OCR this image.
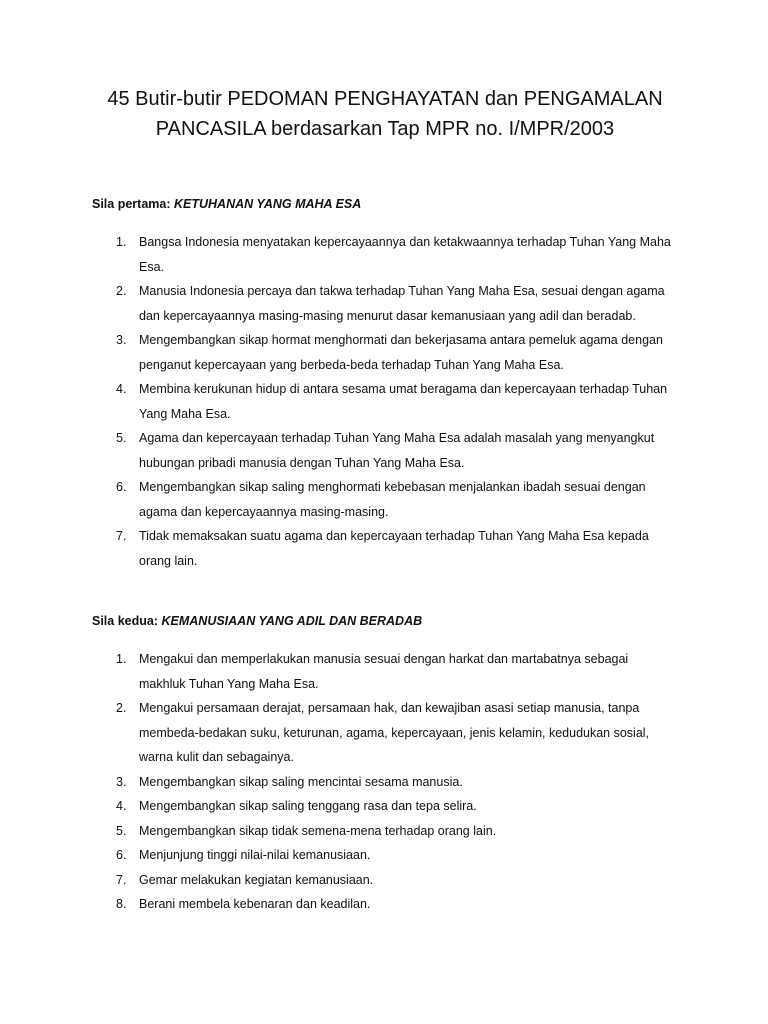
45 Butir-butir PEDOMAN PENGHAYATAN dan PENGAMALAN
PANCASILA berdasarkan Tap MPR no. I/MPR/2003

Sila pertama: KETUHANAN YANG MAHA ESA

1. Bangsa Indonesia menyatakan kepercayaannya dan ketakwaannya terhadap Tuhan Yang Maha Esa.
2. Manusia Indonesia percaya dan takwa terhadap Tuhan Yang Maha Esa, sesuai dengan agama dan kepercayaannya masing-masing menurut dasar kemanusiaan yang adil dan beradab.
3. Mengembangkan sikap hormat menghormati dan bekerjasama antara pemeluk agama dengan penganut kepercayaan yang berbeda-beda terhadap Tuhan Yang Maha Esa.
4. Membina kerukunan hidup di antara sesama umat beragama dan kepercayaan terhadap Tuhan Yang Maha Esa.
5. Agama dan kepercayaan terhadap Tuhan Yang Maha Esa adalah masalah yang menyangkut hubungan pribadi manusia dengan Tuhan Yang Maha Esa.
6. Mengembangkan sikap saling menghormati kebebasan menjalankan ibadah sesuai dengan agama dan kepercayaannya masing-masing.
7. Tidak memaksakan suatu agama dan kepercayaan terhadap Tuhan Yang Maha Esa kepada orang lain.

Sila kedua: KEMANUSIAAN YANG ADIL DAN BERADAB

1. Mengakui dan memperlakukan manusia sesuai dengan harkat dan martabatnya sebagai makhluk Tuhan Yang Maha Esa.
2. Mengakui persamaan derajat, persamaan hak, dan kewajiban asasi setiap manusia, tanpa membeda-bedakan suku, keturunan, agama, kepercayaan, jenis kelamin, kedudukan sosial, warna kulit dan sebagainya.
3. Mengembangkan sikap saling mencintai sesama manusia.
4. Mengembangkan sikap saling tenggang rasa dan tepa selira.
5. Mengembangkan sikap tidak semena-mena terhadap orang lain.
6. Menjunjung tinggi nilai-nilai kemanusiaan.
7. Gemar melakukan kegiatan kemanusiaan.
8. Berani membela kebenaran dan keadilan.
